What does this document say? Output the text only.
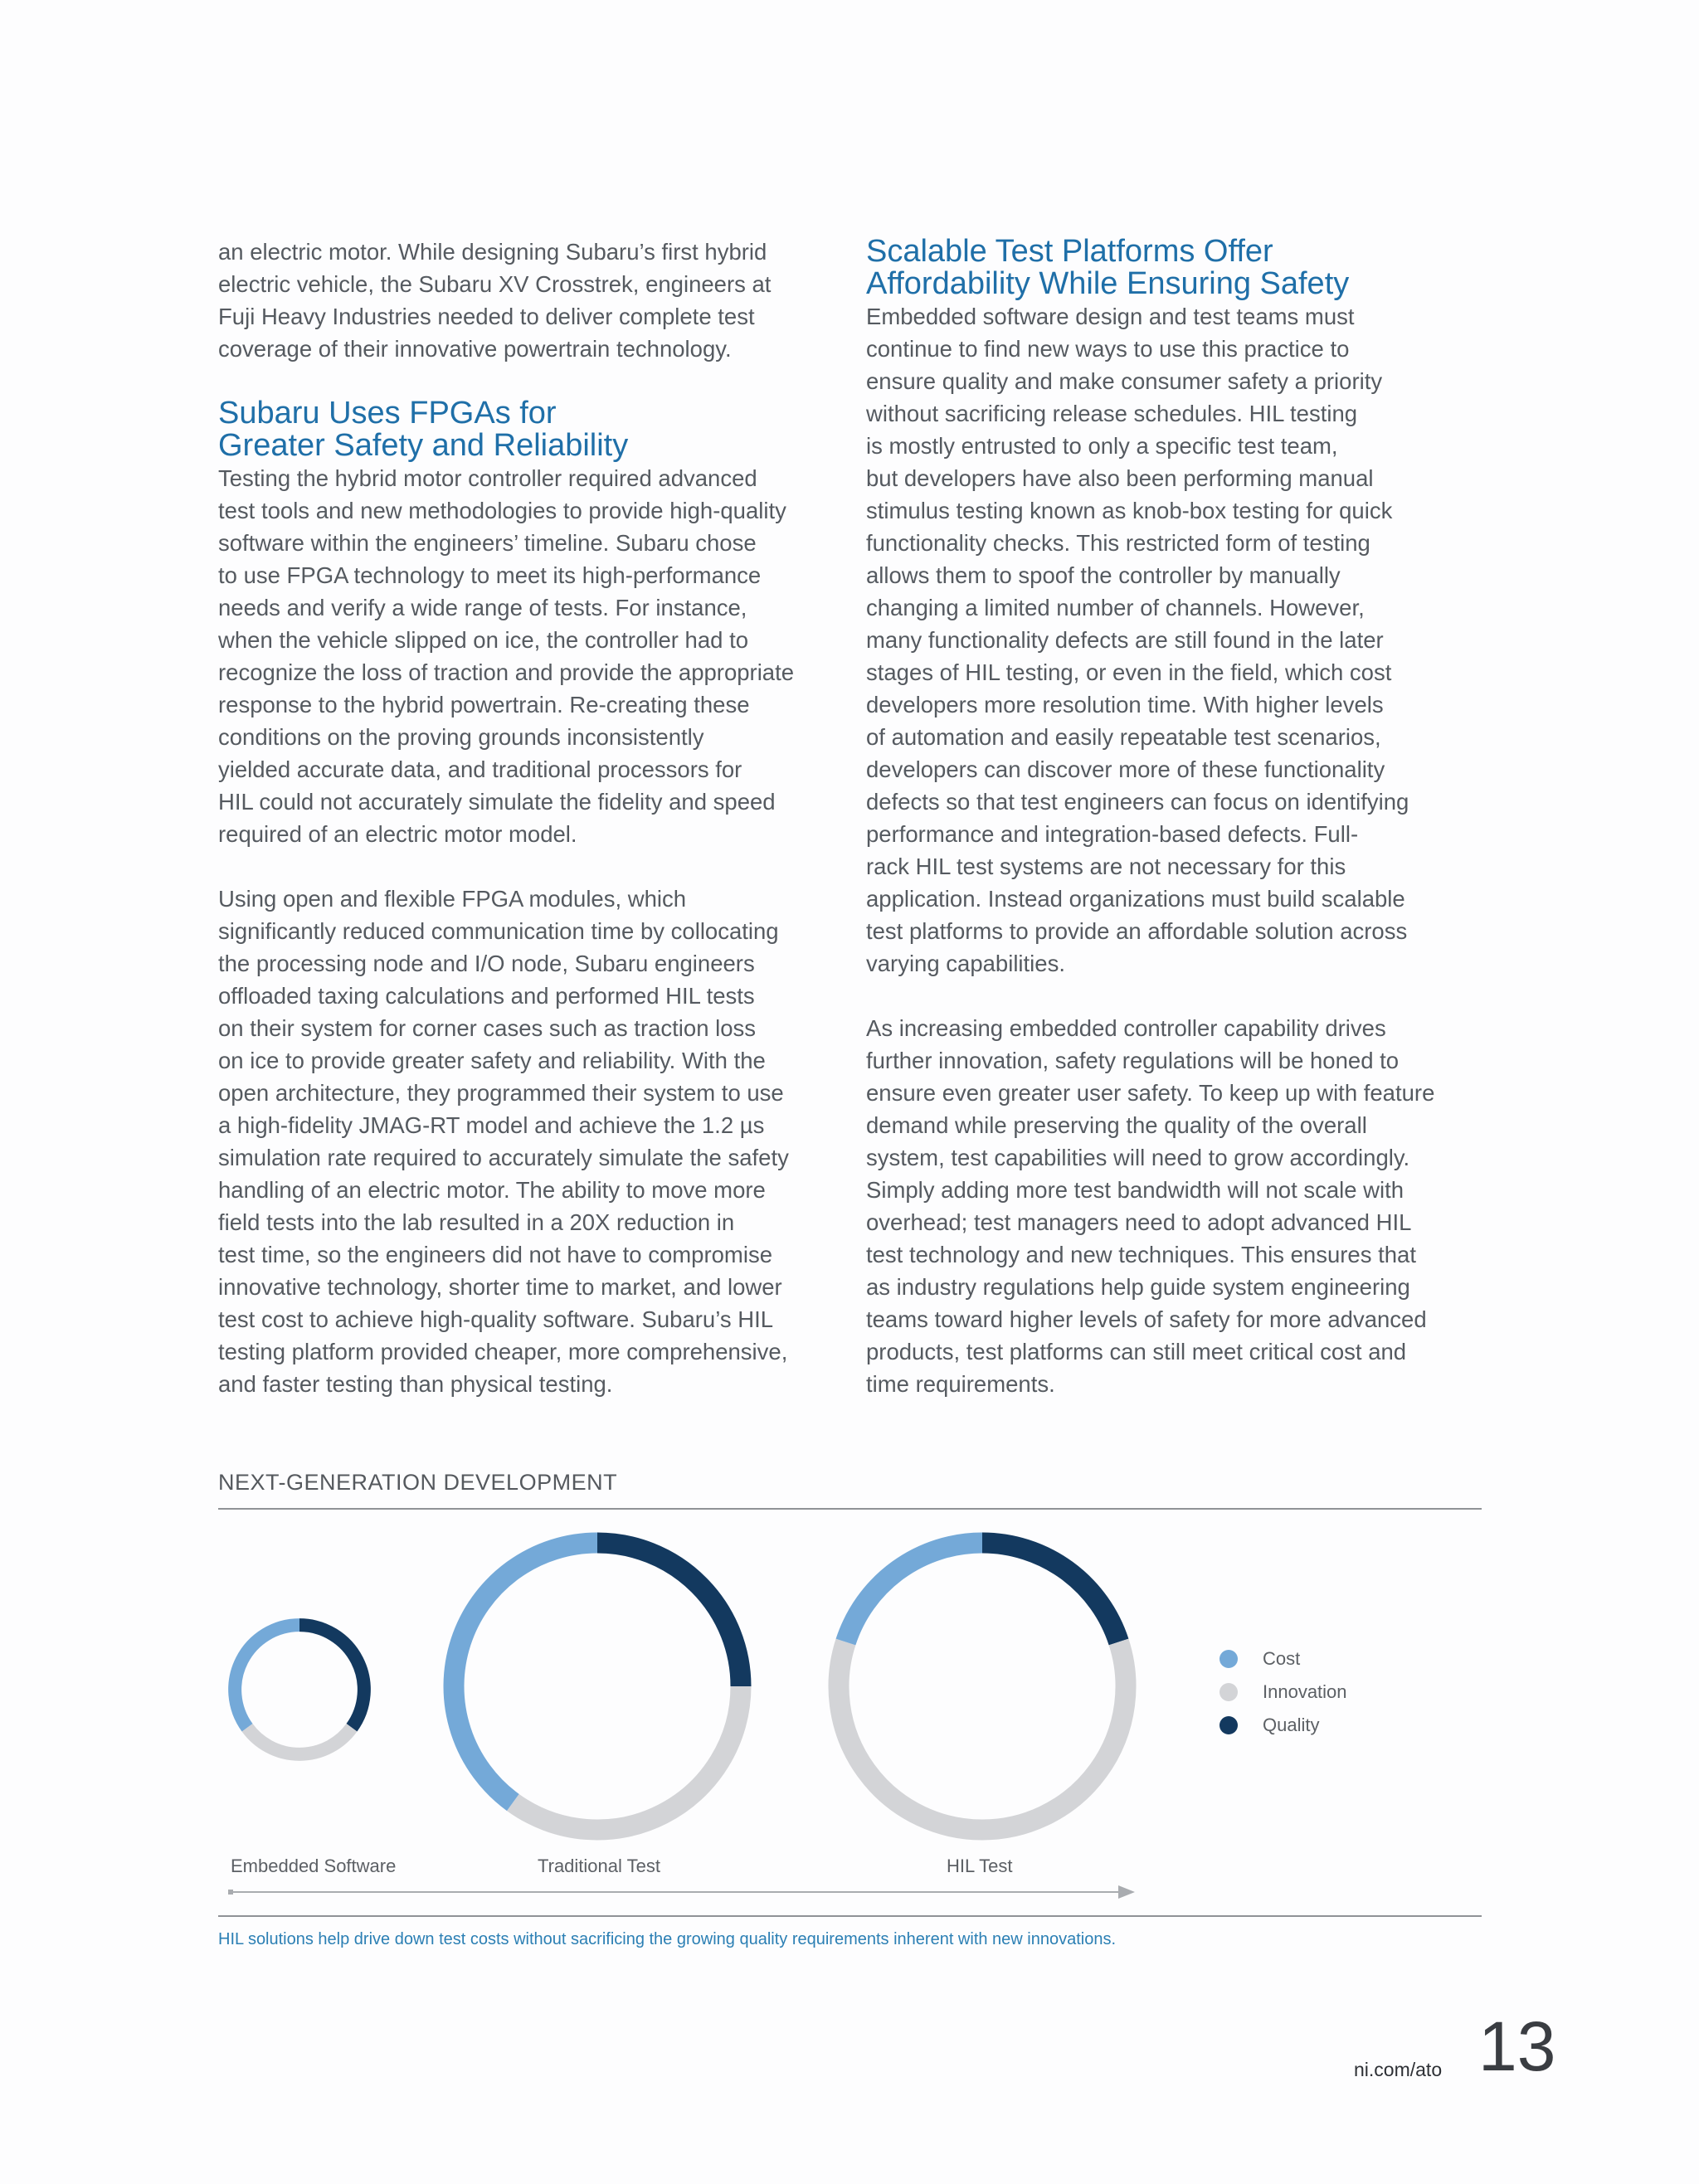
an electric motor. While designing Subaru’s first hybrid
electric vehicle, the Subaru XV Crosstrek, engineers at
Fuji Heavy Industries needed to deliver complete test
coverage of their innovative powertrain technology.

Subaru Uses FPGAs for
Greater Safety and Reliability

Testing the hybrid motor controller required advanced
test tools and new methodologies to provide high-quality
software within the engineers’ timeline. Subaru chose
to use FPGA technology to meet its high-performance
needs and verify a wide range of tests. For instance,
when the vehicle slipped on ice, the controller had to
recognize the loss of traction and provide the appropriate
response to the hybrid powertrain. Re-creating these
conditions on the proving grounds inconsistently
yielded accurate data, and traditional processors for
HIL could not accurately simulate the fidelity and speed
required of an electric motor model.

Using open and flexible FPGA modules, which
significantly reduced communication time by collocating
the processing node and I/O node, Subaru engineers
offloaded taxing calculations and performed HIL tests
on their system for corner cases such as traction loss
on ice to provide greater safety and reliability. With the
open architecture, they programmed their system to use
a high-fidelity JMAG-RT model and achieve the 1.2 µs
simulation rate required to accurately simulate the safety
handling of an electric motor. The ability to move more
field tests into the lab resulted in a 20X reduction in
test time, so the engineers did not have to compromise
innovative technology, shorter time to market, and lower
test cost to achieve high-quality software. Subaru’s HIL
testing platform provided cheaper, more comprehensive,
and faster testing than physical testing.

Scalable Test Platforms Offer
Affordability While Ensuring Safety

Embedded software design and test teams must
continue to find new ways to use this practice to
ensure quality and make consumer safety a priority
without sacrificing release schedules. HIL testing
is mostly entrusted to only a specific test team,
but developers have also been performing manual
stimulus testing known as knob-box testing for quick
functionality checks. This restricted form of testing
allows them to spoof the controller by manually
changing a limited number of channels. However,
many functionality defects are still found in the later
stages of HIL testing, or even in the field, which cost
developers more resolution time. With higher levels
of automation and easily repeatable test scenarios,
developers can discover more of these functionality
defects so that test engineers can focus on identifying
performance and integration-based defects. Full-
rack HIL test systems are not necessary for this
application. Instead organizations must build scalable
test platforms to provide an affordable solution across
varying capabilities.

As increasing embedded controller capability drives
further innovation, safety regulations will be honed to
ensure even greater user safety. To keep up with feature
demand while preserving the quality of the overall
system, test capabilities will need to grow accordingly.
Simply adding more test bandwidth will not scale with
overhead; test managers need to adopt advanced HIL
test technology and new techniques. This ensures that
as industry regulations help guide system engineering
teams toward higher levels of safety for more advanced
products, test platforms can still meet critical cost and
time requirements.

NEXT-GENERATION DEVELOPMENT

Cost
Innovation
Quality
Embedded Software	Traditional Test	HIL Test

HIL solutions help drive down test costs without sacrificing the growing quality requirements inherent with new innovations.

ni.com/ato 13
